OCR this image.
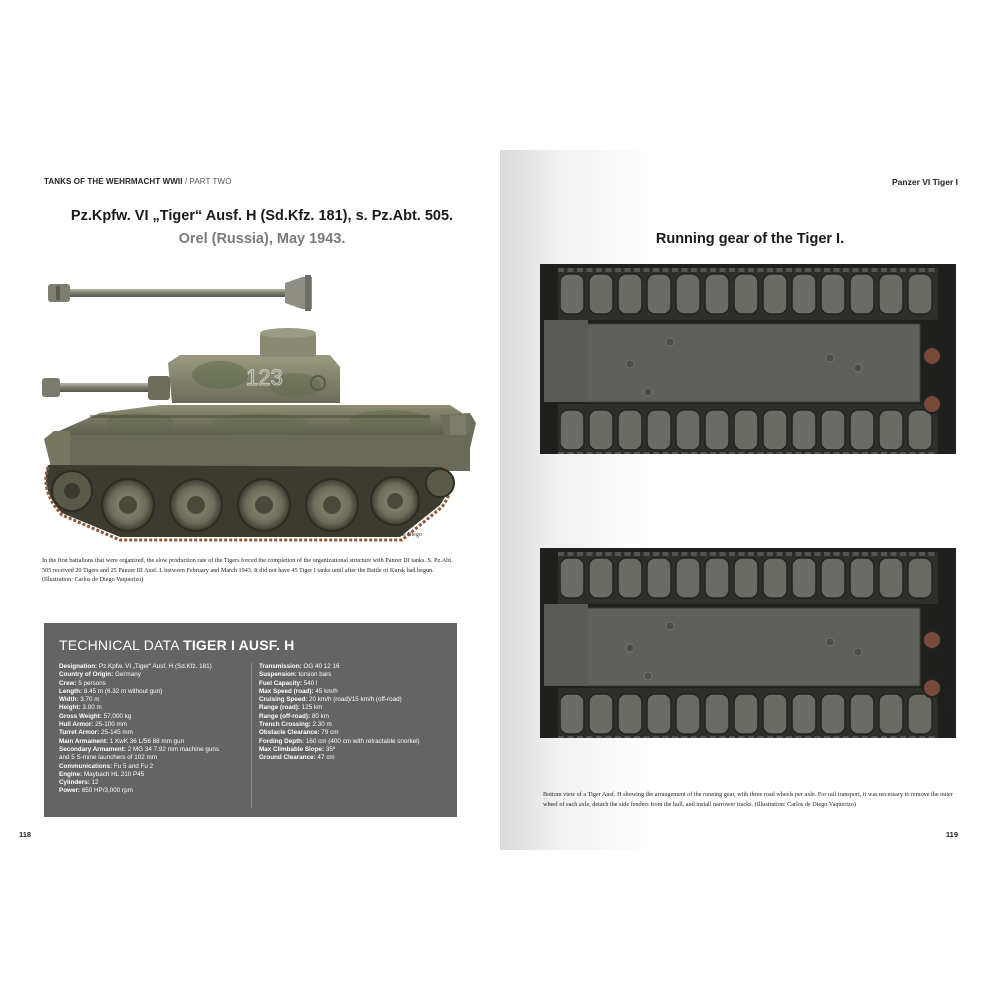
TANKS OF THE WEHRMACHT WWII / PART TWO
Pz.Kpfw. VI „Tiger“ Ausf. H (Sd.Kfz. 181), s. Pz.Abt. 505.
Orel (Russia), May 1943.
123
C. de Diego
In the first battalions that were organized, the slow production rate of the Tigers forced the completion of the organizational structure with Panzer III tanks. S. Pz.Abt. 505 received 20 Tigers and 25 Panzer III Ausf. L between February and March 1943. It did not have 45 Tiger I tanks until after the Battle of Kursk had begun. (Illustration: Carlos de Diego Vaquerizo)
TECHNICAL DATA TIGER I AUSF. H
Designation: Pz.Kpfw. VI „Tiger“ Ausf. H (Sd.Kfz. 181)
Country of Origin: Germany
Crew: 5 persons
Length: 8.45 m (6.32 m without gun)
Width: 3.70 m
Height: 3.00 m
Gross Weight: 57,000 kg
Hull Armor: 25-100 mm
Turret Armor: 25-145 mm
Main Armament: 1 KwK 36 L/56 88 mm gun
Secondary Armament: 2 MG 34 7.92 mm machine guns
and 5 S-mine launchers of 102 mm
Communications: Fu 5 and Fu 2
Engine: Maybach HL 210 P45
Cylinders: 12
Power: 650 HP/3,000 rpm
Transmission: OG 40 12 16
Suspension: torsion bars
Fuel Capacity: 540 l
Max Speed (road): 45 km/h
Cruising Speed: 20 km/h (road)/15 km/h (off-road)
Range (road): 125 km
Range (off-road): 80 km
Trench Crossing: 2.30 m
Obstacle Clearance: 79 cm
Fording Depth: 160 cm (400 cm with retractable snorkel)
Max Climbable Slope: 35º
Ground Clearance: 47 cm
118
Panzer VI Tiger I
Running gear of the Tiger I.
C. de Diego
Bottom view of a Tiger Ausf. H showing the arrangement of the running gear, with three road wheels per axle. For rail transport, it was necessary to remove the outer wheel of each axle, detach the side fenders from the hull, and install narrower tracks. (Illustration: Carlos de Diego Vaquerizo)
119
